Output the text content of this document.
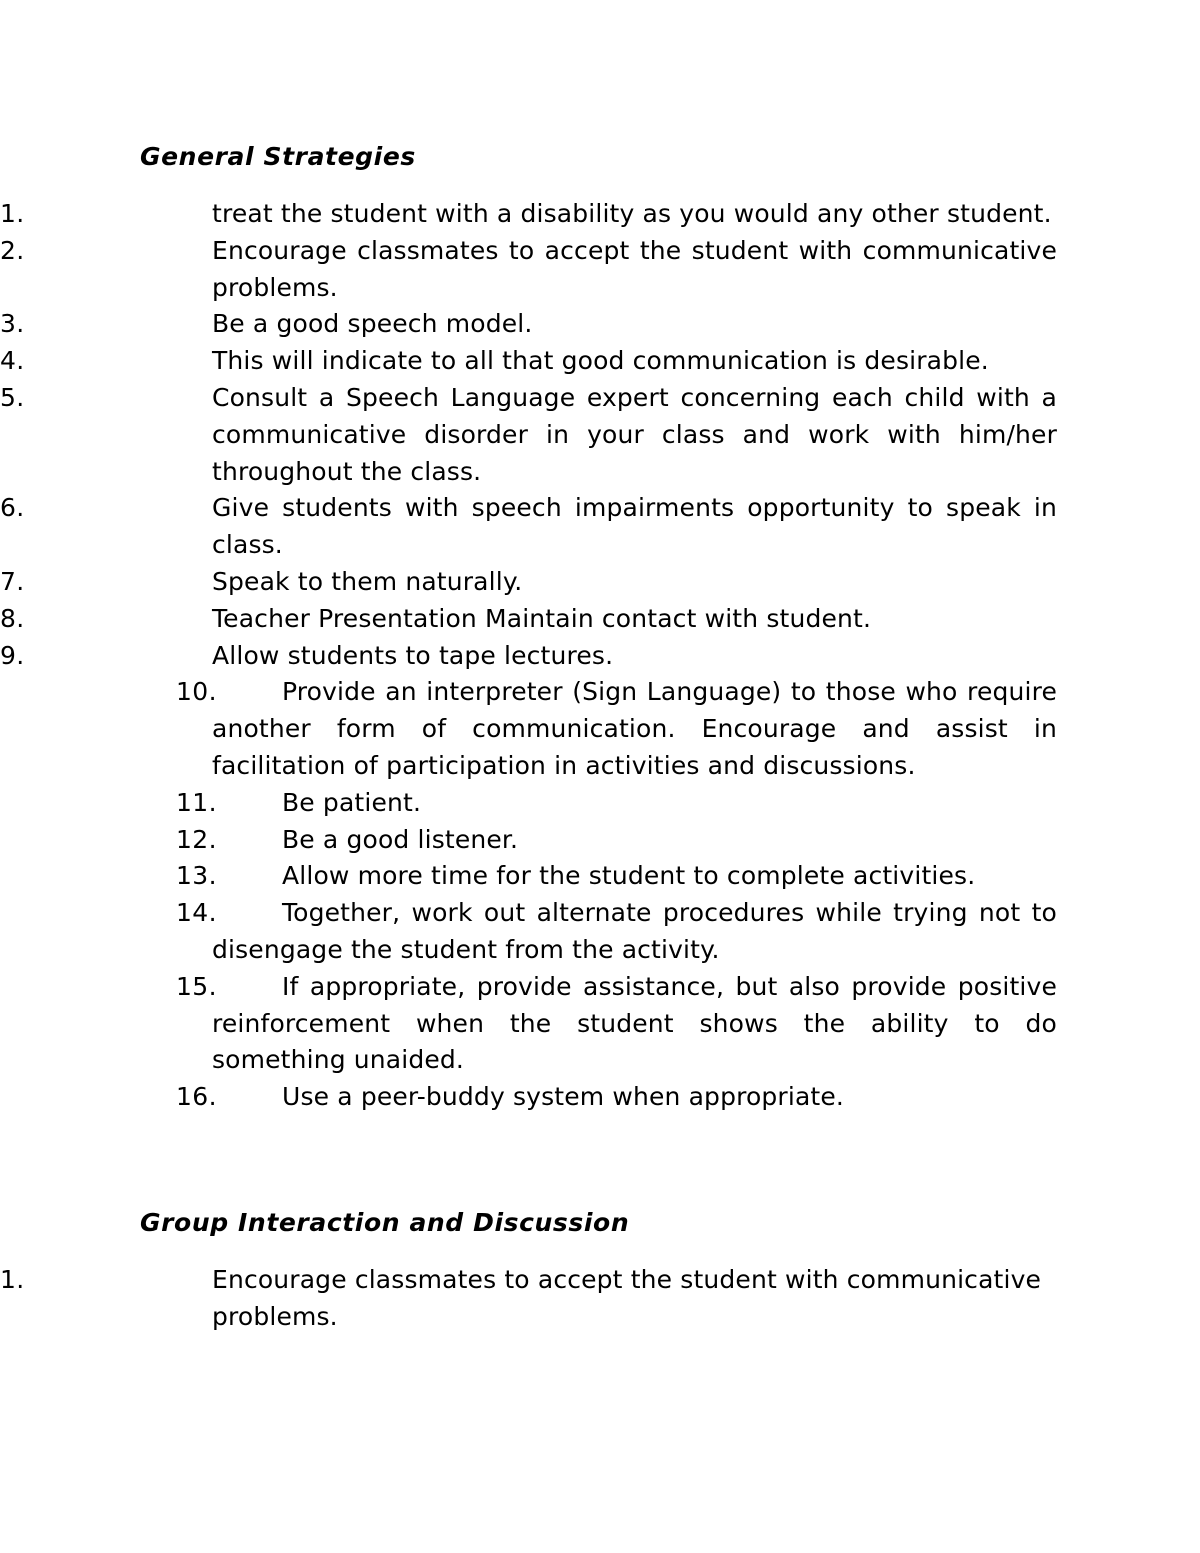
General Strategies
1.	treat the student with a disability as you would any other student.
2.	Encourage classmates to accept the student with communicative problems.
3.	Be a good speech model.
4.	This will indicate to all that good communication is desirable.
5.	Consult a Speech Language expert concerning each child with a communicative disorder in your class and work with him/her throughout the class.
6.	Give students with speech impairments opportunity to speak in class.
7.	Speak to them naturally.
8.	Teacher Presentation Maintain contact with student.
9.	Allow students to tape lectures.
10.	Provide an interpreter (Sign Language) to those who require another form of communication. Encourage and assist in facilitation of participation in activities and discussions.
11.	Be patient.
12.	Be a good listener.
13.	Allow more time for the student to complete activities.
14.	Together, work out alternate procedures while trying not to disengage the student from the activity.
15.	If appropriate, provide assistance, but also provide positive reinforcement when the student shows the ability to do something unaided.
16.	Use a peer-buddy system when appropriate.
Group Interaction and Discussion
1.	Encourage classmates to accept the student with communicative problems.
